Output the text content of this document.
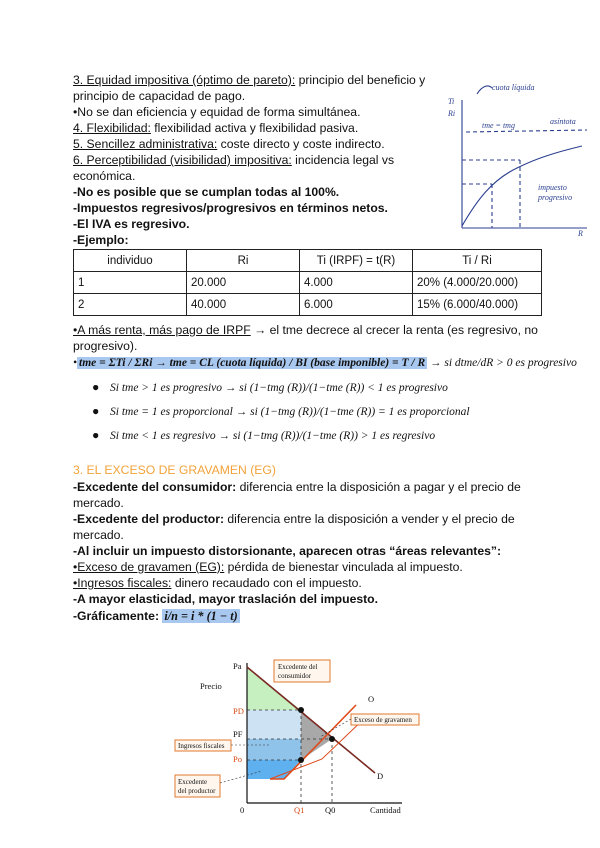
3. Equidad impositiva (óptimo de pareto): principio del beneficio y
principio de capacidad de pago.
•No se dan eficiencia y equidad de forma simultánea.
4. Flexibilidad: flexibilidad activa y flexibilidad pasiva.
5. Sencillez administrativa: coste directo y coste indirecto.
6. Perceptibilidad (visibilidad) impositiva: incidencia legal vs
económica.
-No es posible que se cumplan todas al 100%.
-Impuestos regresivos/progresivos en términos netos.
-El IVA es regresivo.
-Ejemplo:
cuota líquida
Ti
Ri
tme = tmg	asíntota
impuesto
progresivo
R
individuo	Ri	Ti (IRPF) = t(R)	Ti / Ri
1	20.000	4.000	20% (4.000/20.000)
2	40.000	6.000	15% (6.000/40.000)
•A más renta, más pago de IRPF → el tme decrece al crecer la renta (es regresivo, no
progresivo).
• tme = ΣTi / ΣRi → tme = CL (cuota líquida) / BI (base imponible) = T / R → si dtme/dR > 0 es progresivo
● Si tme > 1 es progresivo → si (1−tmg (R))/(1−tme (R)) < 1 es progresivo
● Si tme = 1 es proporcional → si (1−tmg (R))/(1−tme (R)) = 1 es proporcional
● Si tme < 1 es regresivo → si (1−tmg (R))/(1−tme (R)) > 1 es regresivo
3. EL EXCESO DE GRAVAMEN (EG)
-Excedente del consumidor: diferencia entre la disposición a pagar y el precio de
mercado.
-Excedente del productor: diferencia entre la disposición a vender y el precio de
mercado.
-Al incluir un impuesto distorsionante, aparecen otras “áreas relevantes”:
•Exceso de gravamen (EG): pérdida de bienestar vinculada al impuesto.
•Ingresos fiscales: dinero recaudado con el impuesto.
-A mayor elasticidad, mayor traslación del impuesto.
-Gráficamente: i/n = i * (1 − t)
Precio
Cantidad
Pa
PD
PF
Po
0	Q1 Q0
O
D
Excedente del
consumidor
Exceso de gravamen
Ingresos fiscales
Excedente
del productor
